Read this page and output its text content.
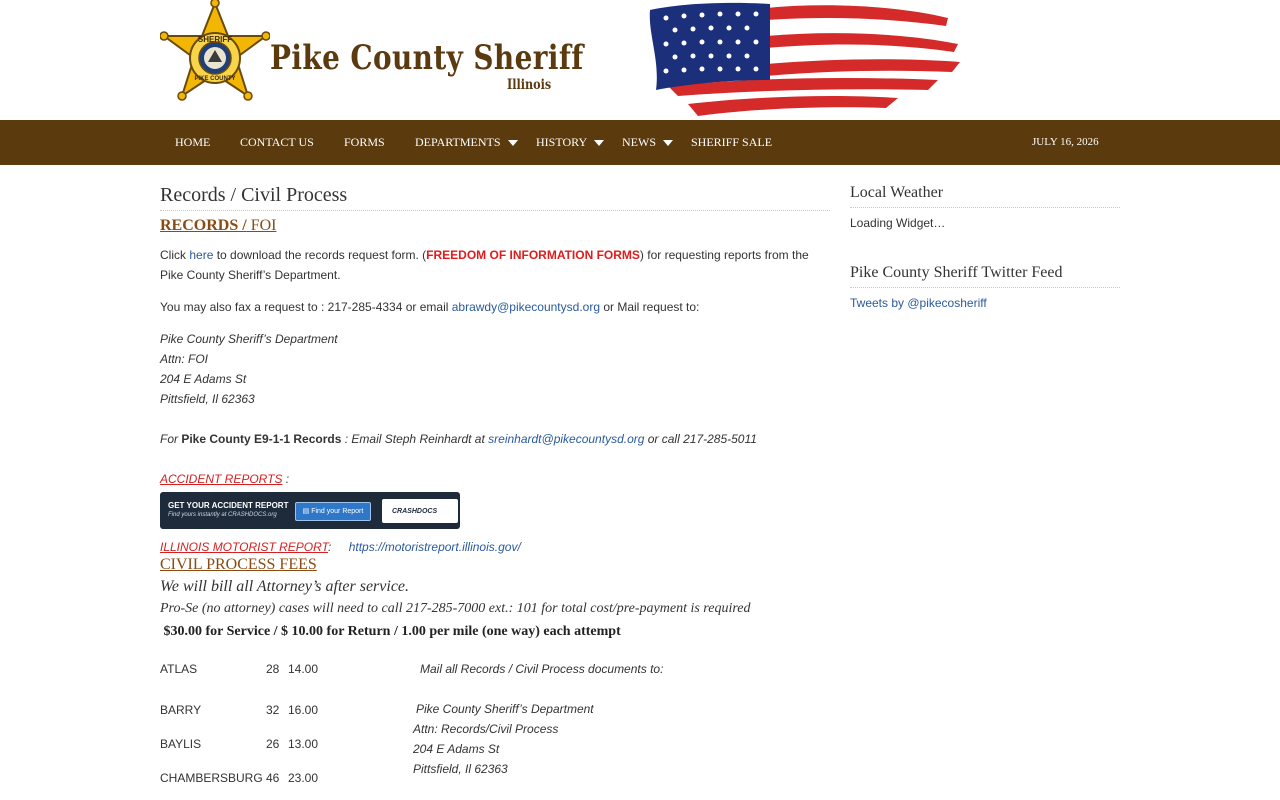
SHERIFF
PIKE COUNTY
Pike County Sheriff
Illinois
HOME CONTACT US	FORMS	DEPARTMENTS	HISTORY	NEWS	SHERIFF SALE	JULY 16, 2026
Records / Civil Process
RECORDS / FOI

Click here to download the records request form. (FREEDOM OF INFORMATION FORMS) for requesting reports from the Pike County Sheriff’s Department.

You may also fax a request to : 217-285-4334 or email abrawdy@pikecountysd.org or Mail request to:

Pike County Sheriff’s Department
Attn: FOI
204 E Adams St
Pittsfield, Il 62363

For Pike County E9-1-1 Records : Email Steph Reinhardt at sreinhardt@pikecountysd.org or call 217-285-5011

ACCIDENT REPORTS :

GET YOUR ACCIDENT REPORT
Find yours instantly at CRASHDOCS.org	▤ Find your Report	CRASHDOCS

ILLINOIS MOTORIST REPORT: https://motoristreport.illinois.gov/

CIVIL PROCESS FEES

We will bill all Attorney’s after service.

Pro-Se (no attorney) cases will need to call 217-285-7000 ext.: 101 for total cost/pre-payment is required

$30.00 for Service / $ 10.00 for Return / 1.00 per mile (one way) each attempt

ATLAS	28 14.00
BARRY	32 16.00
BAYLIS	26 13.00
CHAMBERSBURG 46 23.00
Mail all Records / Civil Process documents to:
Pike County Sheriff’s Department
Attn: Records/Civil Process
204 E Adams St
Pittsfield, Il 62363
Local Weather
Loading Widget…
Pike County Sheriff Twitter Feed
Tweets by @pikecosheriff
